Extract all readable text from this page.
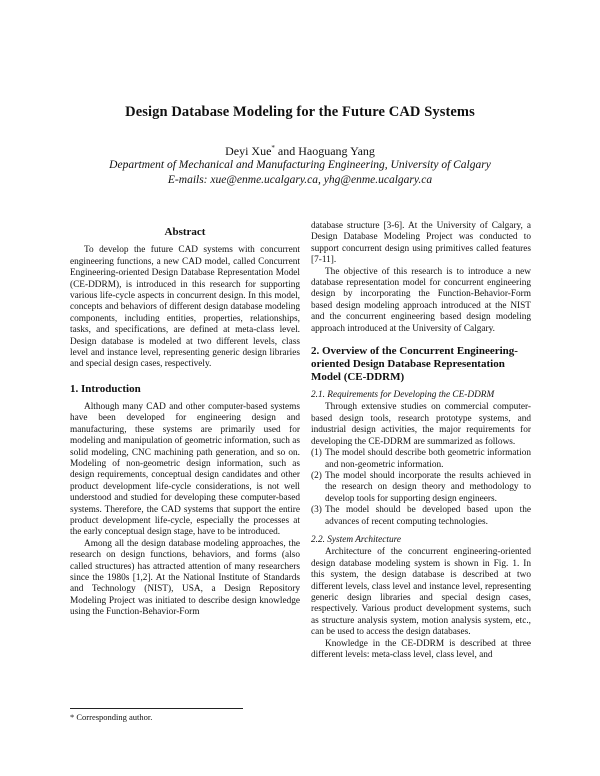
Design Database Modeling for the Future CAD Systems
Deyi Xue* and Haoguang Yang
Department of Mechanical and Manufacturing Engineering, University of Calgary
E-mails: xue@enme.ucalgary.ca, yhg@enme.ucalgary.ca
Abstract

To develop the future CAD systems with concurrent engineering functions, a new CAD model, called Concurrent Engineering-oriented Design Database Representation Model (CE-DDRM), is introduced in this research for supporting various life-cycle aspects in concurrent design. In this model, concepts and behaviors of different design database modeling components, including entities, properties, relationships, tasks, and specifications, are defined at meta-class level. Design database is modeled at two different levels, class level and instance level, representing generic design libraries and special design cases, respectively.

1. Introduction

Although many CAD and other computer-based systems have been developed for engineering design and manufacturing, these systems are primarily used for modeling and manipulation of geometric information, such as solid modeling, CNC machining path generation, and so on. Modeling of non-geometric design information, such as design requirements, conceptual design candidates and other product development life-cycle considerations, is not well understood and studied for developing these computer-based systems. Therefore, the CAD systems that support the entire product development life-cycle, especially the processes at the early conceptual design stage, have to be introduced.

Among all the design database modeling approaches, the research on design functions, behaviors, and forms (also called structures) has attracted attention of many researchers since the 1980s [1,2]. At the National Institute of Standards and Technology (NIST), USA, a Design Repository Modeling Project was initiated to describe design knowledge using the Function-Behavior-Form

database structure [3-6]. At the University of Calgary, a Design Database Modeling Project was conducted to support concurrent design using primitives called features [7-11].

The objective of this research is to introduce a new database representation model for concurrent engineering design by incorporating the Function-Behavior-Form based design modeling approach introduced at the NIST and the concurrent engineering based design modeling approach introduced at the University of Calgary.

2. Overview of the Concurrent Engineering-oriented Design Database Representation Model (CE-DDRM)
2.1. Requirements for Developing the CE-DDRM

Through extensive studies on commercial computer-based design tools, research prototype systems, and industrial design activities, the major requirements for developing the CE-DDRM are summarized as follows.

(1) The model should describe both geometric information and non-geometric information.
(2) The model should incorporate the results achieved in the research on design theory and methodology to develop tools for supporting design engineers.
(3) The model should be developed based upon the advances of recent computing technologies.
2.2. System Architecture

Architecture of the concurrent engineering-oriented design database modeling system is shown in Fig. 1. In this system, the design database is described at two different levels, class level and instance level, representing generic design libraries and special design cases, respectively. Various product development systems, such as structure analysis system, motion analysis system, etc., can be used to access the design databases.

Knowledge in the CE-DDRM is described at three different levels: meta-class level, class level, and

* Corresponding author.
